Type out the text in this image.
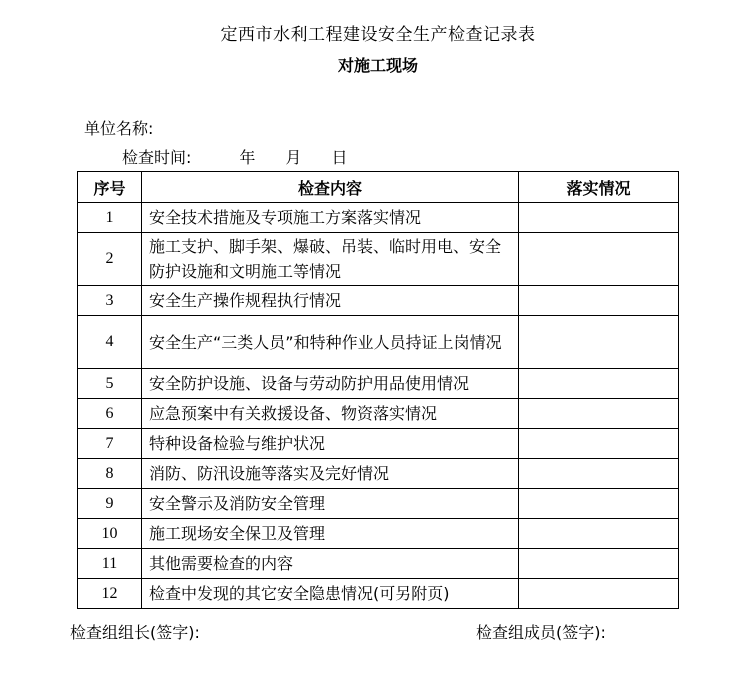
定西市水利工程建设安全生产检查记录表
对施工现场
单位名称:
检查时间:	年 月 日
序号	检查内容	落实情况
1	安全技术措施及专项施工方案落实情况	
2	施工支护、脚手架、爆破、吊装、临时用电、安全防护设施和文明施工等情况	
3	安全生产操作规程执行情况	
4	安全生产“三类人员”和特种作业人员持证上岗情况	
5	安全防护设施、设备与劳动防护用品使用情况	
6	应急预案中有关救援设备、物资落实情况	
7	特种设备检验与维护状况	
8	消防、防汛设施等落实及完好情况	
9	安全警示及消防安全管理	
10	施工现场安全保卫及管理	
11	其他需要检查的内容	
12	检查中发现的其它安全隐患情况(可另附页)	
检查组组长(签字):	检查组成员(签字):
